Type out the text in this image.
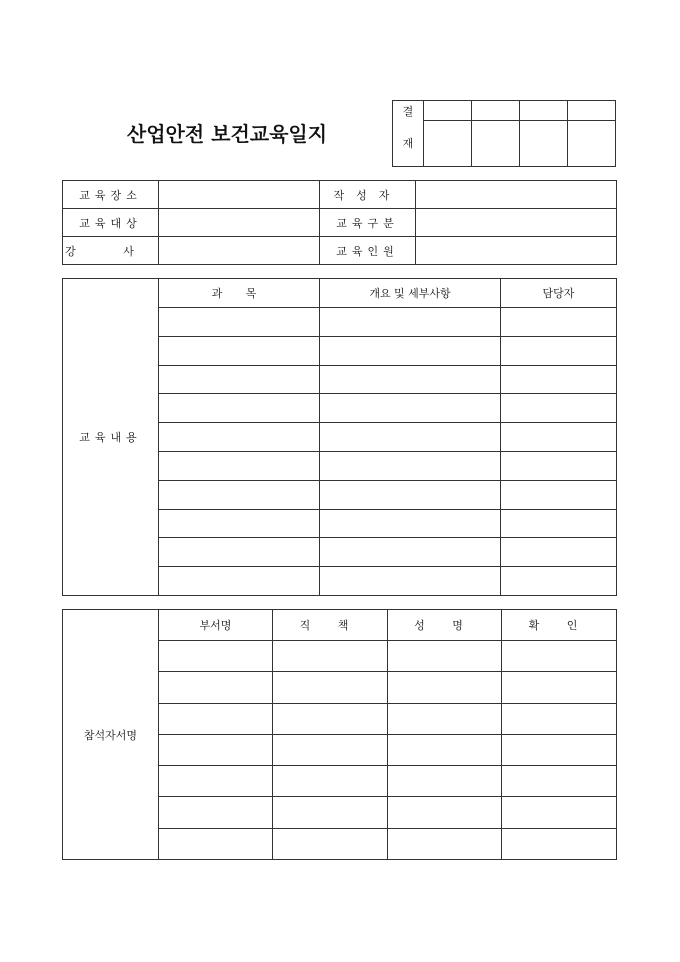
산업안전 보건교육일지
결				
재				
교육장소		작성자	
교육대상		교육구분	
강 사		교육인원	
교육내용	과 목	개요 및 세부사항	담당자

참석자서명	부서명	직 책	성 명	확 인
